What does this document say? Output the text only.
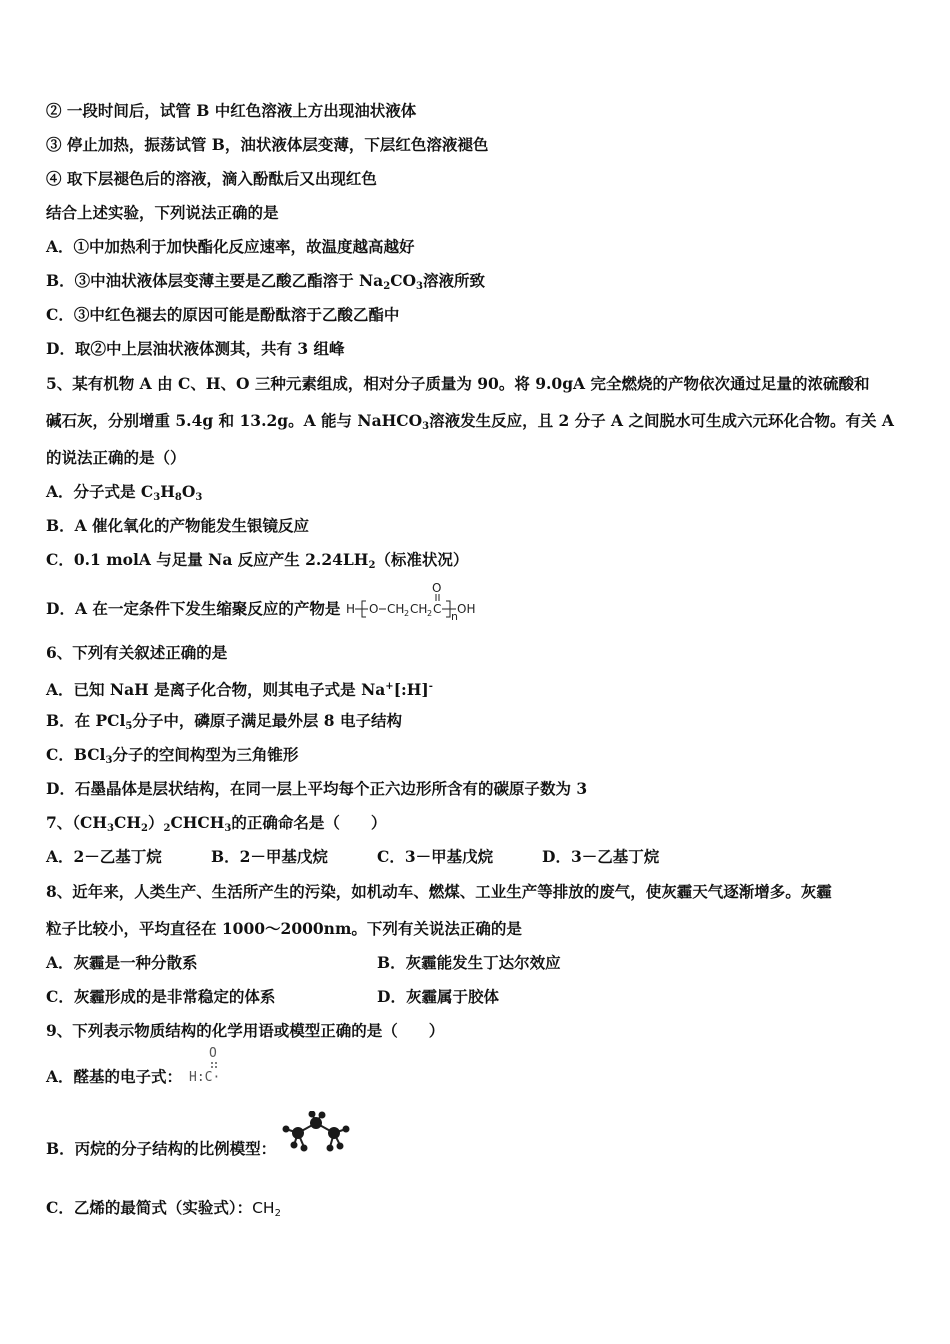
② 一段时间后，试管 B 中红色溶液上方出现油状液体
③ 停止加热，振荡试管 B，油状液体层变薄，下层红色溶液褪色
④ 取下层褪色后的溶液，滴入酚酞后又出现红色
结合上述实验，下列说法正确的是
A．①中加热利于加快酯化反应速率，故温度越高越好
B．③中油状液体层变薄主要是乙酸乙酯溶于 $Na_2CO_3$溶液所致
C．③中红色褪去的原因可能是酚酞溶于乙酸乙酯中
D．取②中上层油状液体测其，共有 3 组峰
5、某有机物 A 由 C、H、O 三种元素组成，相对分子质量为 90。将 9.0gA 完全燃烧的产物依次通过足量的浓硫酸和
碱石灰，分别增重 5.4g 和 13.2g。A 能与 NaHCO$_3$溶液发生反应，且 2 分子 A 之间脱水可生成六元环化合物。有关 A
的说法正确的是（）
A．分子式是 $C_3H_8O_3$
B．A 催化氧化的产物能发生银镜反应
C．0.1 molA 与足量 Na 反应产生 $2.24LH_2$（标准状况）
D．A 在一定条件下发生缩聚反应的产物是 H O CH 2 CH 2 C
O
n
OH
6、下列有关叙述正确的是
A．已知 NaH 是离子化合物，则其电子式是 Na+[:H]-
B．在 PCl$_5$分子中，磷原子满足最外层 8 电子结构
C．BCl$_3$分子的空间构型为三角锥形
D．石墨晶体是层状结构，在同一层上平均每个正六边形所含有的碳原子数为 3
7、$(CH_3CH_2)_2CHCH_3$的正确命名是（　　）
A．2－乙基丁烷	B．2－甲基戊烷	C．3－甲基戊烷	D．3－乙基丁烷
8、近年来，人类生产、生活所产生的污染，如机动车、燃煤、工业生产等排放的废气，使灰霾天气逐渐增多。灰霾
粒子比较小，平均直径在 1000～2000nm。下列有关说法正确的是
A．灰霾是一种分散系	B．灰霾能发生丁达尔效应
C．灰霾形成的是非常稳定的体系	D．灰霾属于胶体
9、下列表示物质结构的化学用语或模型正确的是（　　）
A．醛基的电子式：
O
H:C·
B．丙烷的分子结构的比例模型：
C．乙烯的最简式（实验式）：$CH_2$
